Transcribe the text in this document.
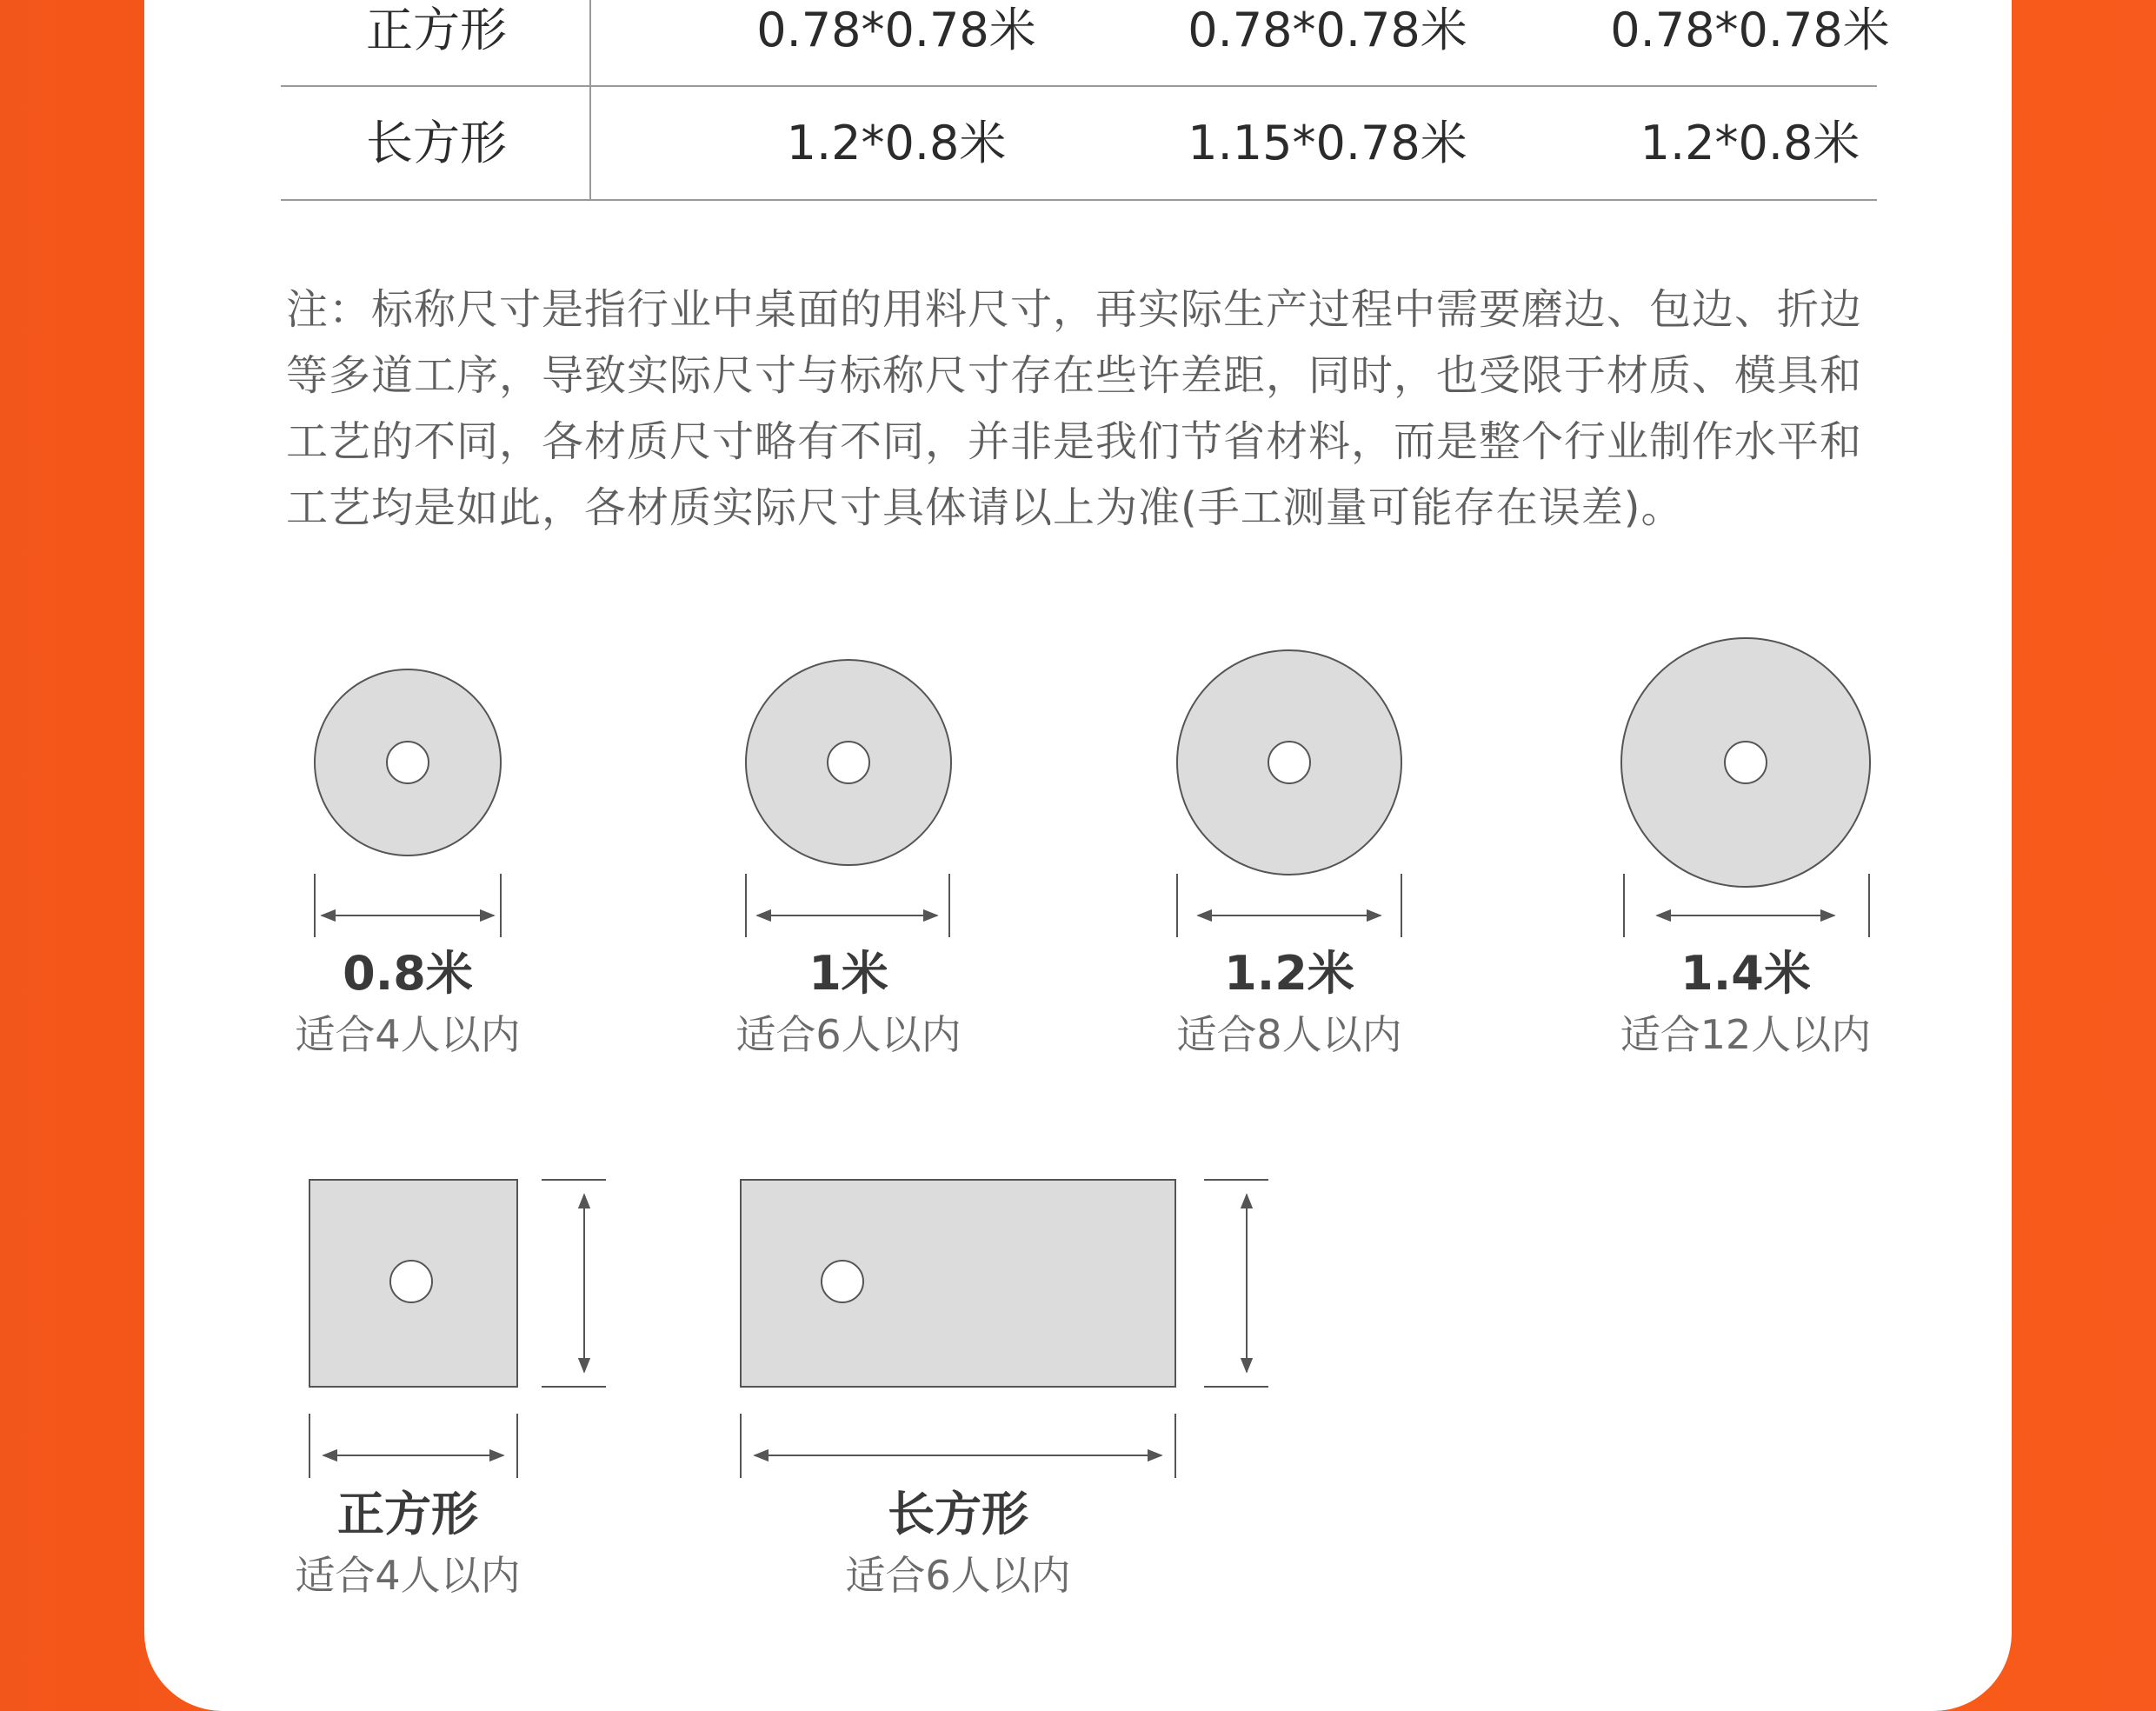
正方形	0.78*0.78米	0.78*0.78米	0.78*0.78米
长方形	1.2*0.8米	1.15*0.78米	1.2*0.8米
注：标称尺寸是指行业中桌面的用料尺寸，再实际生产过程中需要磨边、包边、折边等多道工序，导致实际尺寸与标称尺寸存在些许差距，同时，也受限于材质、模具和工艺的不同，各材质尺寸略有不同，并非是我们节省材料，而是整个行业制作水平和工艺均是如此，各材质实际尺寸具体请以上为准(手工测量可能存在误差)。
0.8米
适合4人以内
1米
适合6人以内
1.2米
适合8人以内
1.4米
适合12人以内
正方形
适合4人以内
长方形
适合6人以内
